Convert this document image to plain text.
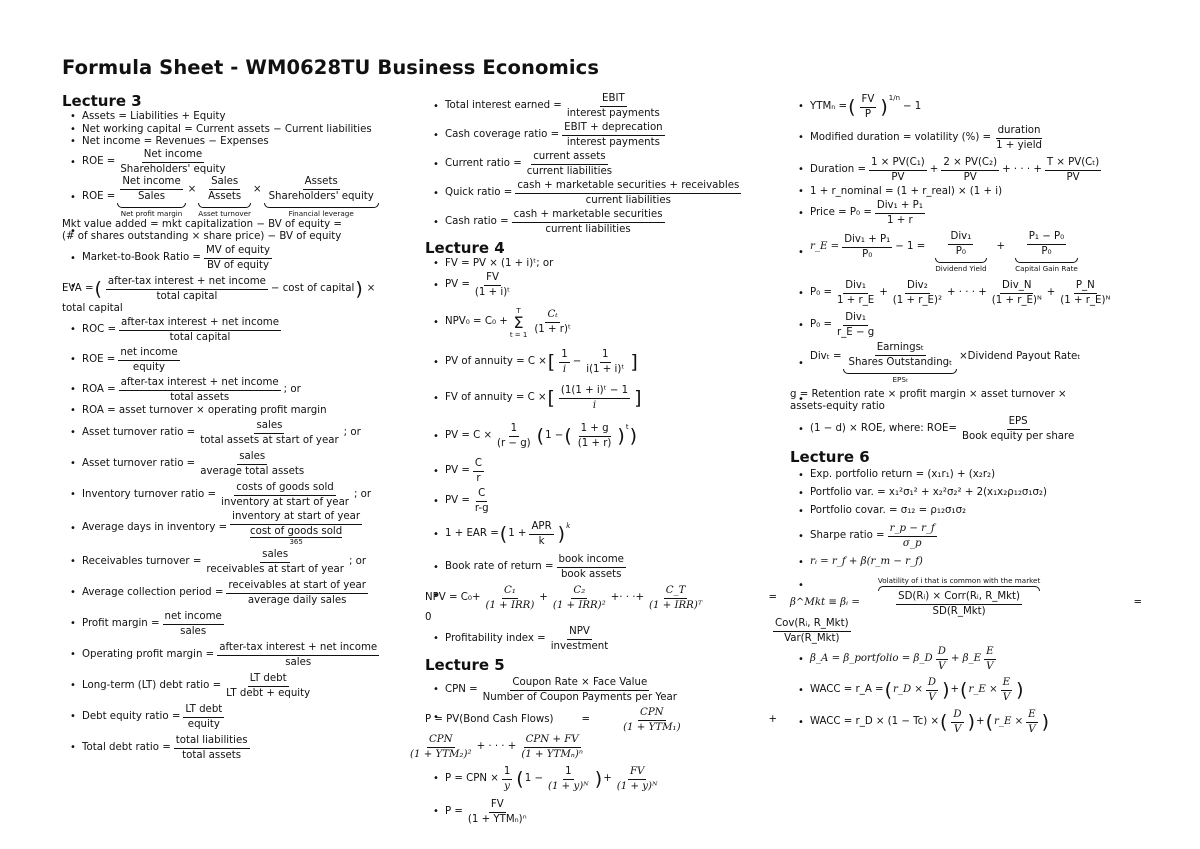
Formula Sheet - WM0628TU Business Economics
Lecture 3
• Assets = Liabilities + Equity
• Net working capital = Current assets − Current liabilities
• Net income = Revenues − Expenses
• ROE =
Net income
Shareholders' equity
• ROE =
Net income
Sales
Net profit margin
×
Sales
Assets
Asset turnover
×
Assets
Shareholders' equity
Financial leverage
• Mkt value added = mkt capitalization − BV of equity =
(# of shares outstanding × share price) − BV of equity
• Market-to-Book Ratio =
MV of equity
BV of equity
• EVA = ( after-tax interest + net income
total capital
− cost of capital ) ×
total capital
• ROC =
after-tax interest + net income
total capital
• ROE =
net income
equity
• ROA =
after-tax interest + net income
total assets
; or
• ROA = asset turnover × operating profit margin
• Asset turnover ratio =
sales
total assets at start of year
; or
• Asset turnover ratio =
sales
average total assets
• Inventory turnover ratio =
costs of goods sold
inventory at start of year
; or
• Average days in inventory =
inventory at start of year
cost of goods sold
365
• Receivables turnover =
sales
receivables at start of year
; or
• Average collection period =
receivables at start of year
average daily sales
• Profit margin =
net income
sales
• Operating profit margin =
after-tax interest + net income
sales
• Long-term (LT) debt ratio =
LT debt
LT debt + equity
• Debt equity ratio =
LT debt
equity
• Total debt ratio =
total liabilities
total assets
• Total interest earned =
EBIT
interest payments
• Cash coverage ratio =
EBIT + deprecation
interest payments
• Current ratio =
current assets
current liabilities
• Quick ratio =
cash + marketable securities + receivables
current liabilities
• Cash ratio =
cash + marketable securities
current liabilities
Lecture 4
• FV = PV × (1 + i)ᵗ; or
• PV = $\frac{FV}{\text{(1 + i)ᵗ}}$
• NPV₀ = C₀ +
T
Σ
t = 1
Cₜ
(1 + r)ᵗ
• PV of annuity = C × [ 1
i
− $\frac{1}{\text{i(1 + i)ᵗ}}$ ]
• FV of annuity = C × [ (1(1 + i)ᵗ − 1
i ]
• PV = $C \times \frac{1}{(r - g)}$ ( 1 − ( 1 + g
(1 + r) )$^t$ )
• PV = $\frac{C}{r}$
• PV = $\frac{C}{r-g}$
• 1 + EAR = ( 1 +
APR
k )$^k$
• Book rate of return =
book income
book assets
• NPV = C₀+
C₁
(1 + IRR)
+
C₂
(1 + IRR)²
+· · ·+
C_T
(1 + IRR)ᵀ
=
0
• Profitability index =
NPV
investment
Lecture 5
• CPN =
Coupon Rate × Face Value
Number of Coupon Payments per Year
• P = PV(Bond Cash Flows)	=
CPN
(1 + YTM₁)
+
CPN
(1 + YTM₂)²
+ · · · +
CPN + FV
(1 + YTMₙ)ⁿ
• P = CPN × $\frac{1}{y}$ ( $1 - \frac{1}{\text{(1 + y)ᴺ}}$ ) + $\frac{FV}{\text{(1 + y)ᴺ}}$
• P =
FV
(1 + YTMₙ)ⁿ
• YTMₙ = ( FV
P )$^{1/n}$
− 1
• Modified duration = volatility (%) =
duration
1 + yield
• Duration = $\frac{\text{1 × PV(C₁)}}{PV} + \frac{\text{2 × PV(C₂)}}{PV}$ + · · · + $\frac{\text{T × PV(Cₜ)}}{PV}$
• 1 + r_nominal = (1 + r_real) × (1 + i)
• Price = P₀ =
Div₁ + P₁
1 + r
• r_E =
Div₁ + P₁
P₀
− 1 =
Div₁
P₀
Dividend Yield
+
P₁ − P₀
P₀
Capital Gain Rate
• P₀ =
Div₁
1 + r_E
+
Div₂
(1 + r_E)²
+ · · · +
Div_N
(1 + r_E)ᴺ
+ $\frac{P\_N}{\text{(1 + r\_E)ᴺ}}$
• P₀ =
Div₁
r_E − g
• Divₜ =
Earningsₜ
Shares Outstandingₜ
EPSₜ
×Dividend Payout Rateₜ
• g = Retention rate × profit margin × asset turnover ×
assets-equity ratio
• (1 − d) × ROE, where: ROE=
EPS
Book equity per share
Lecture 6
• Exp. portfolio return = (x₁r₁) + (x₂r₂)
• Portfolio var. = x₁²σ₁² + x₂²σ₂² + 2(x₁x₂ρ₁₂σ₁σ₂)
• Portfolio covar. = σ₁₂ = ρ₁₂σ₁σ₂
• Sharpe ratio = $\frac{r\_p - r\_f}{\sigma\_p}$
• rᵢ = r_f + β(r_m − r_f)
• β^Mkt ≡ βᵢ =
SD(Rᵢ) × Corr(Rᵢ, R_Mkt)
SD(R_Mkt)
Volatility of i that is common with the market
=
Cov(Rᵢ, R_Mkt)
Var(R_Mkt)
• β_A = β_portfolio = β_D
D
V
+ β_E
E
V
• WACC = r_A = ( r_D × $\frac{D}{V}$ ) + ( r_E × $\frac{E}{V}$ )
• WACC = r_D × (1 − Tc) × ( D
V ) + ( r_E × $\frac{E}{V}$ )
